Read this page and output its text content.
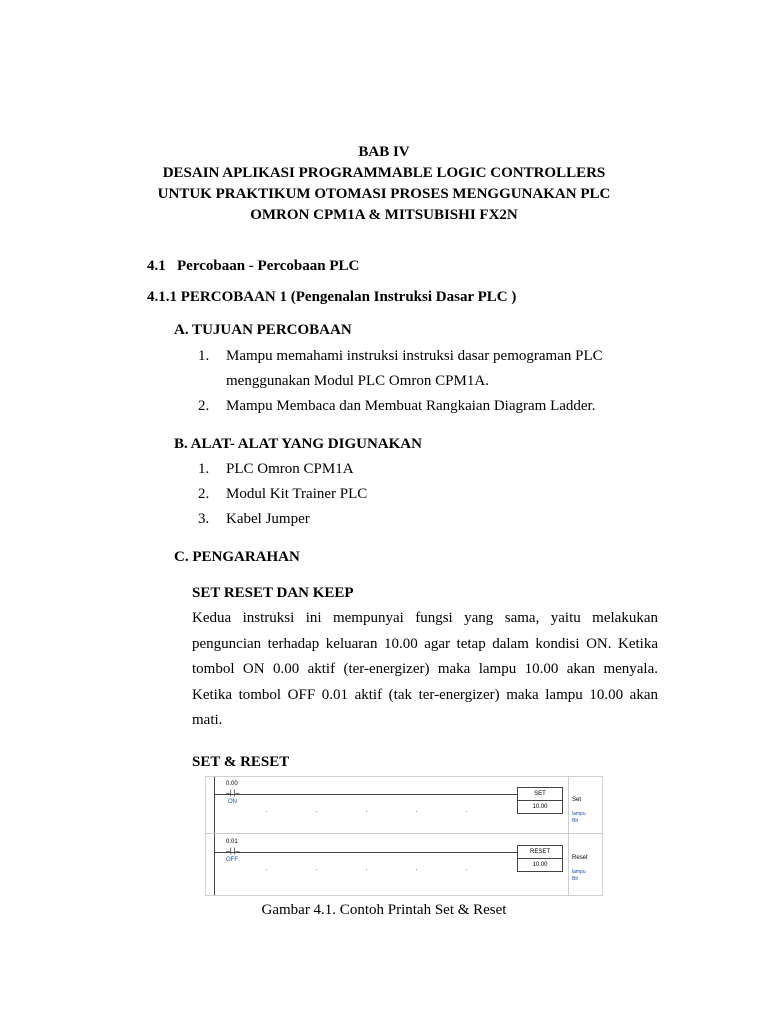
BAB IV
DESAIN APLIKASI PROGRAMMABLE LOGIC CONTROLLERS
UNTUK PRAKTIKUM OTOMASI PROSES MENGGUNAKAN PLC
OMRON CPM1A & MITSUBISHI FX2N
4.1 Percobaan - Percobaan PLC
4.1.1 PERCOBAAN 1 (Pengenalan Instruksi Dasar PLC )
A. TUJUAN PERCOBAAN
1. Mampu memahami instruksi instruksi dasar pemograman PLC
menggunakan Modul PLC Omron CPM1A.
2. Mampu Membaca dan Membuat Rangkaian Diagram Ladder.
B. ALAT- ALAT YANG DIGUNAKAN
1. PLC Omron CPM1A
2. Modul Kit Trainer PLC
3. Kabel Jumper
C. PENGARAHAN
SET RESET DAN KEEP
Kedua instruksi ini mempunyai fungsi yang sama, yaitu melakukan penguncian terhadap keluaran 10.00 agar tetap dalam kondisi ON. Ketika tombol ON 0.00 aktif (ter-energizer) maka lampu 10.00 akan menyala. Ketika tombol OFF 0.01 aktif (tak ter-energizer) maka lampu 10.00 akan mati.
SET & RESET
0.00
ON
SET
10.00
Set
lampu
Bit
0.01
OFF
RESET
10.00
Reset
lampu
Bit
Gambar 4.1. Contoh Printah Set & Reset
